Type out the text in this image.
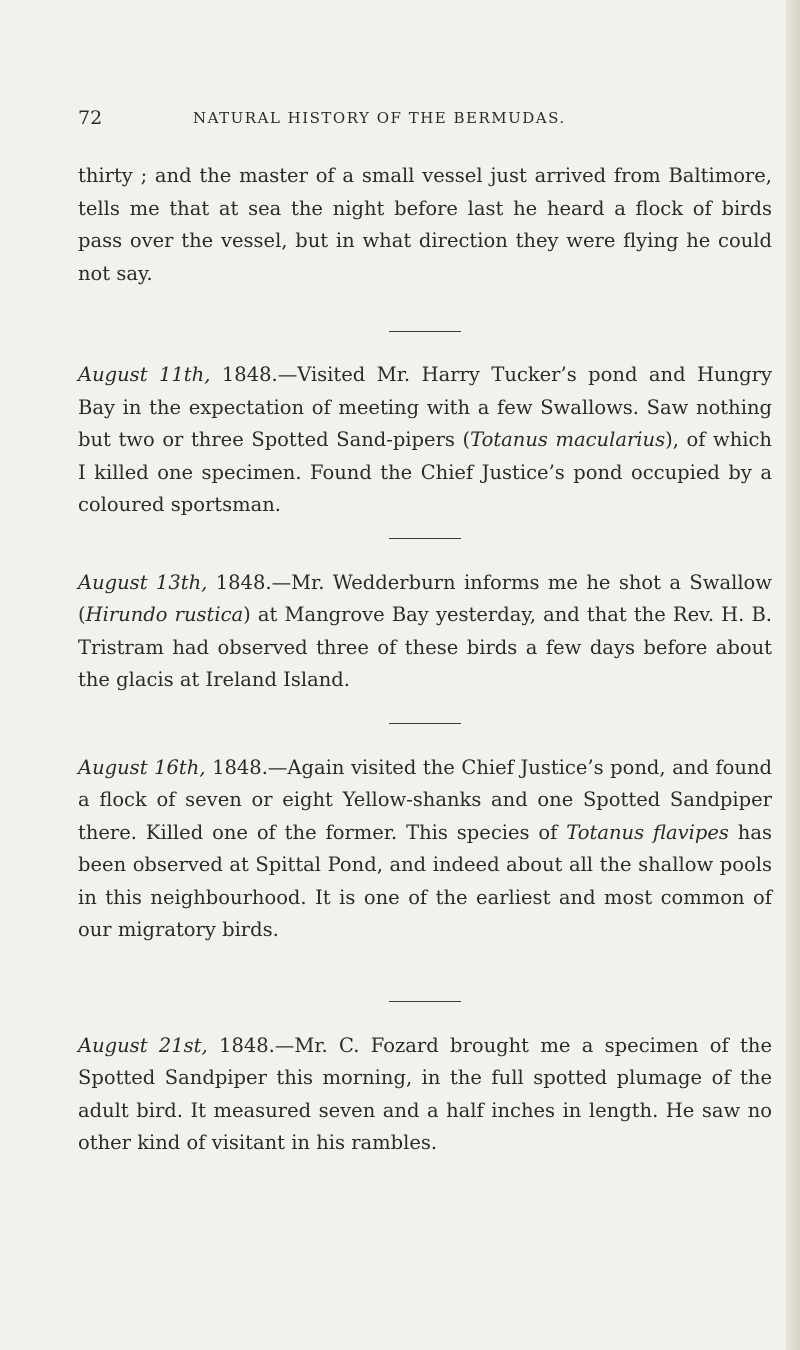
72	NATURAL HISTORY OF THE BERMUDAS.

thirty ; and the master of a small vessel just arrived from Baltimore, tells me that at sea the night before last he heard a flock of birds pass over the vessel, but in what direction they were flying he could not say.

August 11th, 1848.—Visited Mr. Harry Tucker’s pond and Hungry Bay in the expectation of meeting with a few Swallows. Saw nothing but two or three Spotted Sand-pipers (Totanus macularius), of which I killed one specimen. Found the Chief Justice’s pond occupied by a coloured sportsman.

August 13th, 1848.—Mr. Wedderburn informs me he shot a Swallow (Hirundo rustica) at Mangrove Bay yesterday, and that the Rev. H. B. Tristram had observed three of these birds a few days before about the glacis at Ireland Island.

August 16th, 1848.—Again visited the Chief Justice’s pond, and found a flock of seven or eight Yellow-shanks and one Spotted Sandpiper there. Killed one of the former. This species of Totanus flavipes has been observed at Spittal Pond, and indeed about all the shallow pools in this neighbourhood. It is one of the earliest and most common of our migratory birds.

August 21st, 1848.—Mr. C. Fozard brought me a specimen of the Spotted Sandpiper this morning, in the full spotted plumage of the adult bird. It measured seven and a half inches in length. He saw no other kind of visitant in his rambles.
